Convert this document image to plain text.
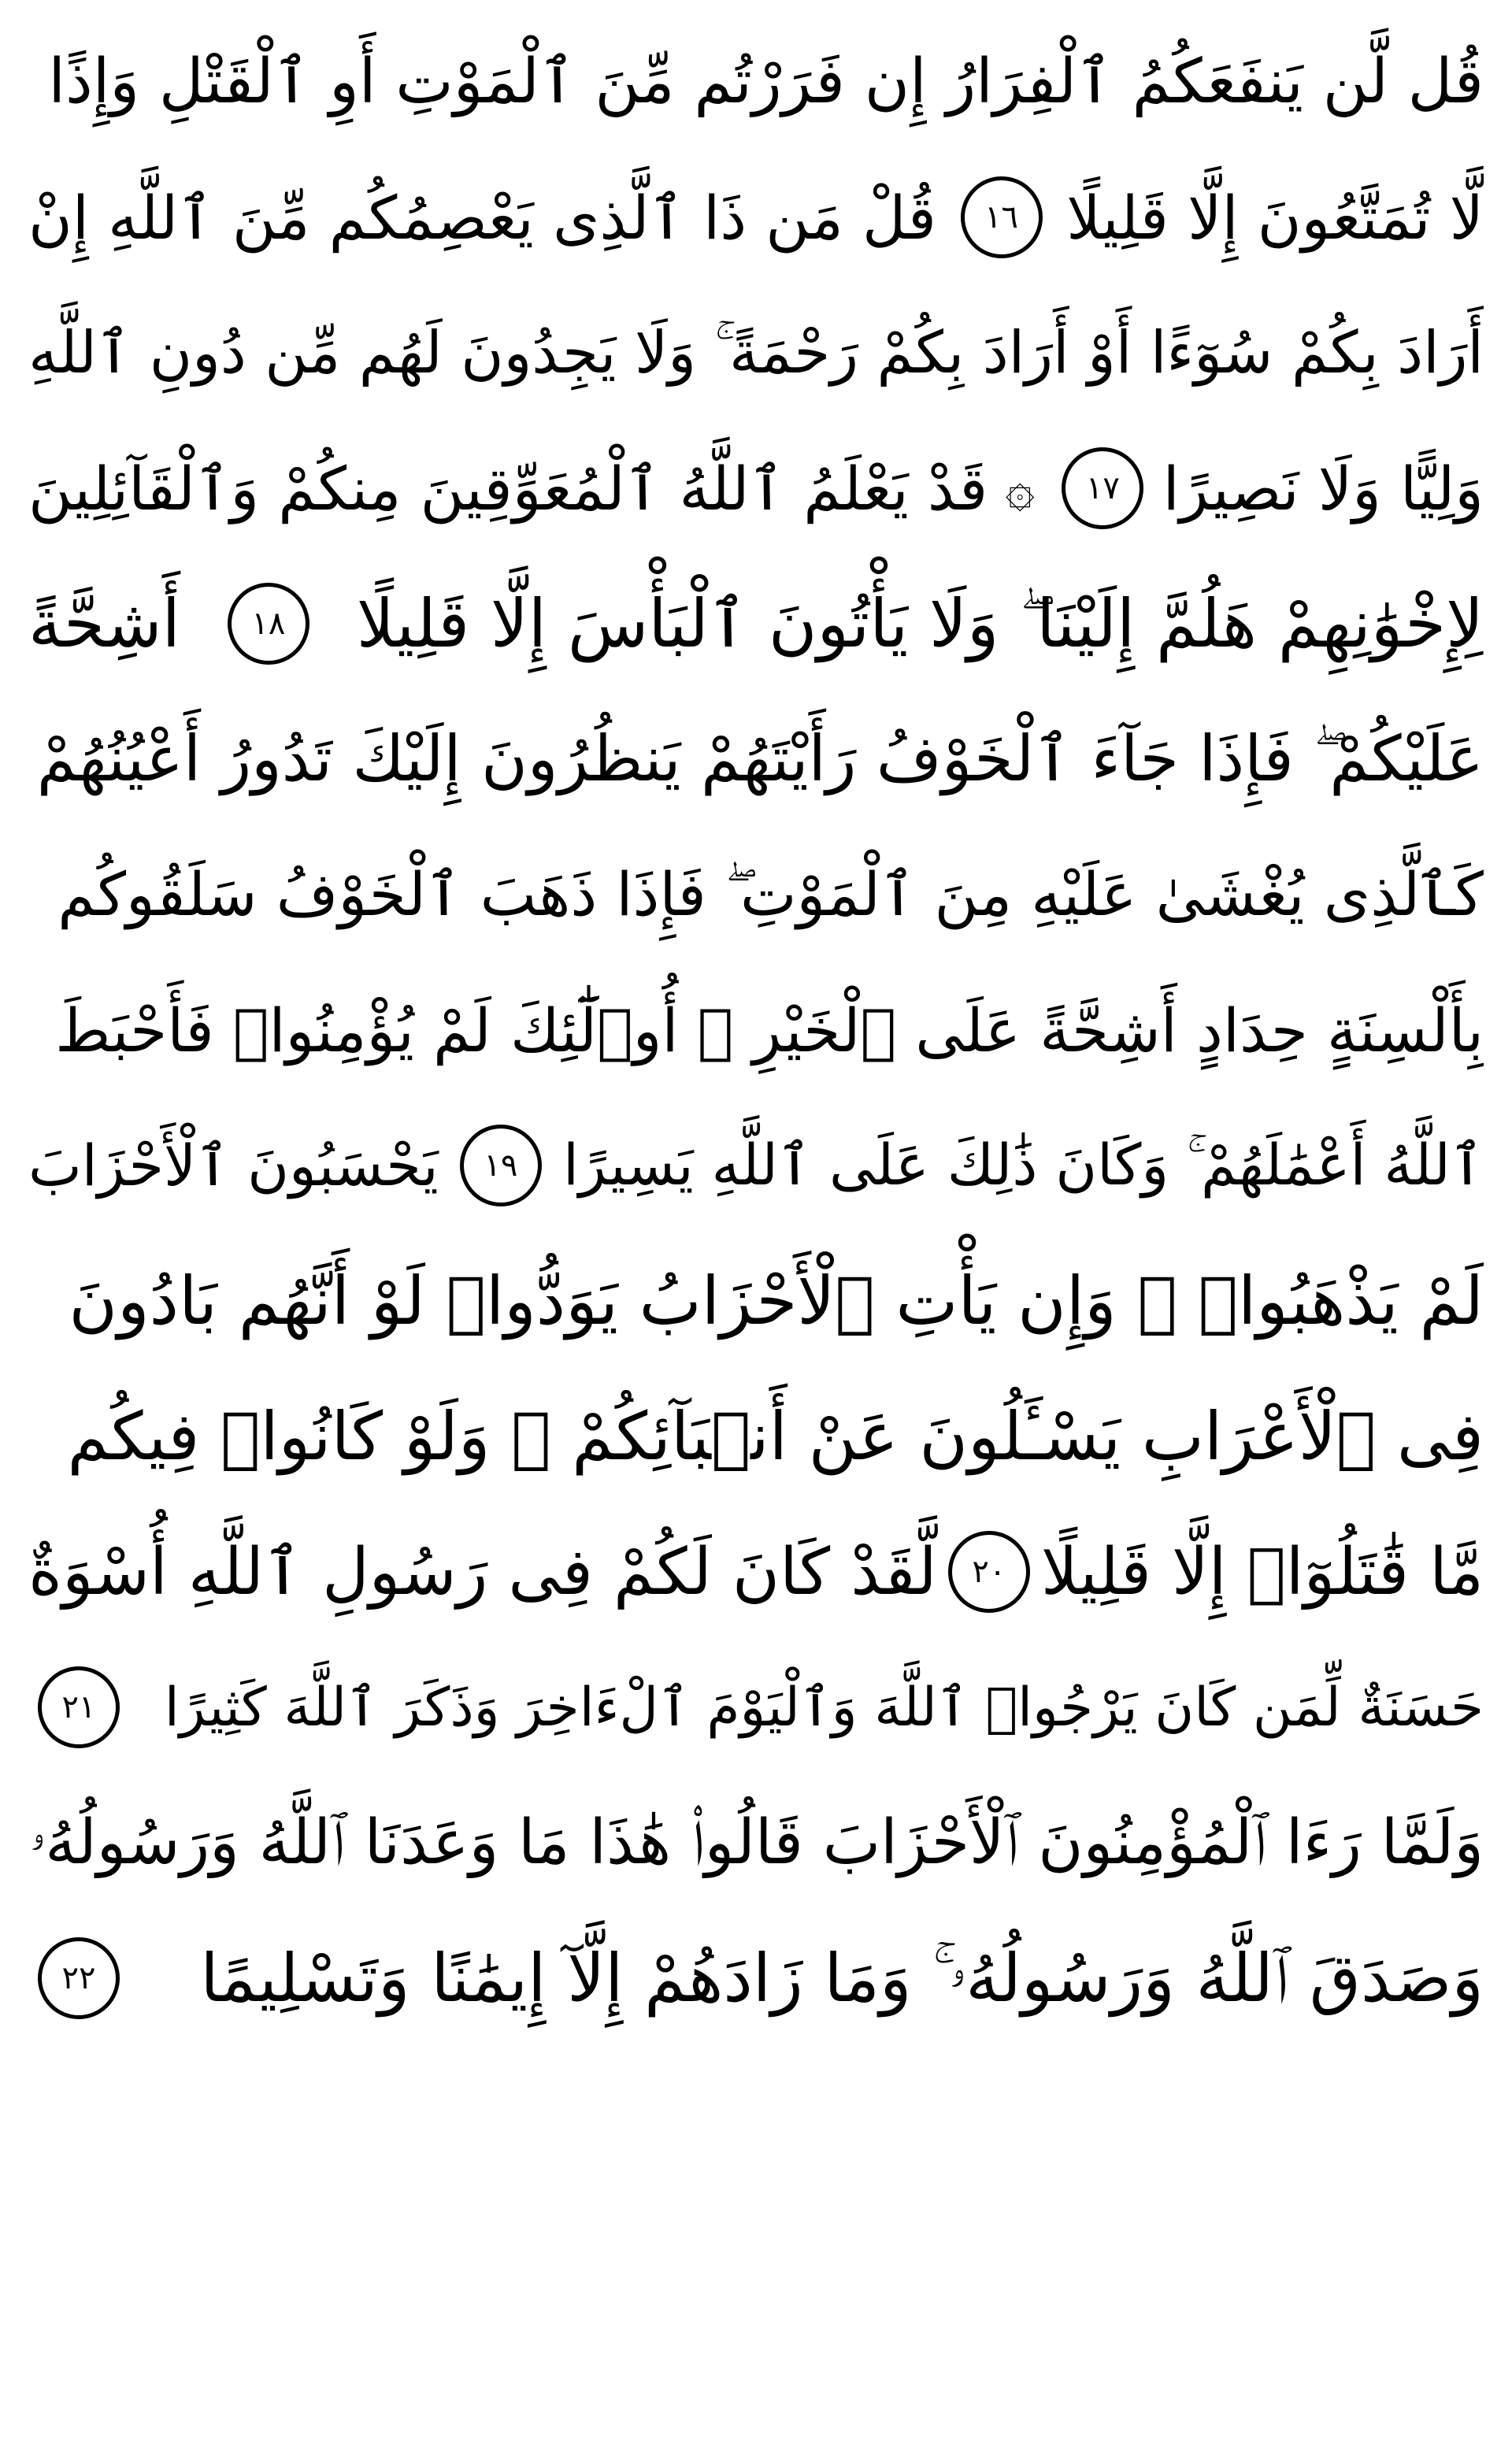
قُل لَّن يَنفَعَكُمُ ٱلْفِرَارُ إِن فَرَرْتُم مِّنَ ٱلْمَوْتِ أَوِ ٱلْقَتْلِ وَإِذًا
لَّا تُمَتَّعُونَ إِلَّا قَلِيلًا
١٦
قُلْ مَن ذَا ٱلَّذِى يَعْصِمُكُم مِّنَ ٱللَّهِ إِنْ
أَرَادَ بِكُمْ سُوٓءًا أَوْ أَرَادَ بِكُمْ رَحْمَةً ۚ وَلَا يَجِدُونَ لَهُم مِّن دُونِ ٱللَّهِ
وَلِيًّا وَلَا نَصِيرًا
١٧
۞
قَدْ يَعْلَمُ ٱللَّهُ ٱلْمُعَوِّقِينَ مِنكُمْ وَٱلْقَآئِلِينَ
لِإِخْوَٰنِهِمْ هَلُمَّ إِلَيْنَا ۖ وَلَا يَأْتُونَ ٱلْبَأْسَ إِلَّا قَلِيلًا
١٨
أَشِحَّةً
عَلَيْكُمْ ۖ فَإِذَا جَآءَ ٱلْخَوْفُ رَأَيْتَهُمْ يَنظُرُونَ إِلَيْكَ تَدُورُ أَعْيُنُهُمْ
كَٱلَّذِى يُغْشَىٰ عَلَيْهِ مِنَ ٱلْمَوْتِ ۖ فَإِذَا ذَهَبَ ٱلْخَوْفُ سَلَقُوكُم
بِأَلْسِنَةٍ حِدَادٍ أَشِحَّةً عَلَى ٱلْخَيْرِ ۚ أُو۟لَٰٓئِكَ لَمْ يُؤْمِنُوا۟ فَأَحْبَطَ
ٱللَّهُ أَعْمَٰلَهُمْ ۚ وَكَانَ ذَٰلِكَ عَلَى ٱللَّهِ يَسِيرًا
١٩
يَحْسَبُونَ ٱلْأَحْزَابَ
لَمْ يَذْهَبُوا۟ ۖ وَإِن يَأْتِ ٱلْأَحْزَابُ يَوَدُّوا۟ لَوْ أَنَّهُم بَادُونَ
فِى ٱلْأَعْرَابِ يَسْـَٔلُونَ عَنْ أَنۢبَآئِكُمْ ۖ وَلَوْ كَانُوا۟ فِيكُم
مَّا قَٰتَلُوٓا۟ إِلَّا قَلِيلًا
٢٠
لَّقَدْ كَانَ لَكُمْ فِى رَسُولِ ٱللَّهِ أُسْوَةٌ
حَسَنَةٌ لِّمَن كَانَ يَرْجُوا۟ ٱللَّهَ وَٱلْيَوْمَ ٱلْءَاخِرَ وَذَكَرَ ٱللَّهَ كَثِيرًا
٢١
وَلَمَّا رَءَا ٱلْمُؤْمِنُونَ ٱلْأَحْزَابَ قَالُوا۟ هَٰذَا مَا وَعَدَنَا ٱللَّهُ وَرَسُولُهُۥ
وَصَدَقَ ٱللَّهُ وَرَسُولُهُۥ ۚ وَمَا زَادَهُمْ إِلَّآ إِيمَٰنًا وَتَسْلِيمًا
٢٢
